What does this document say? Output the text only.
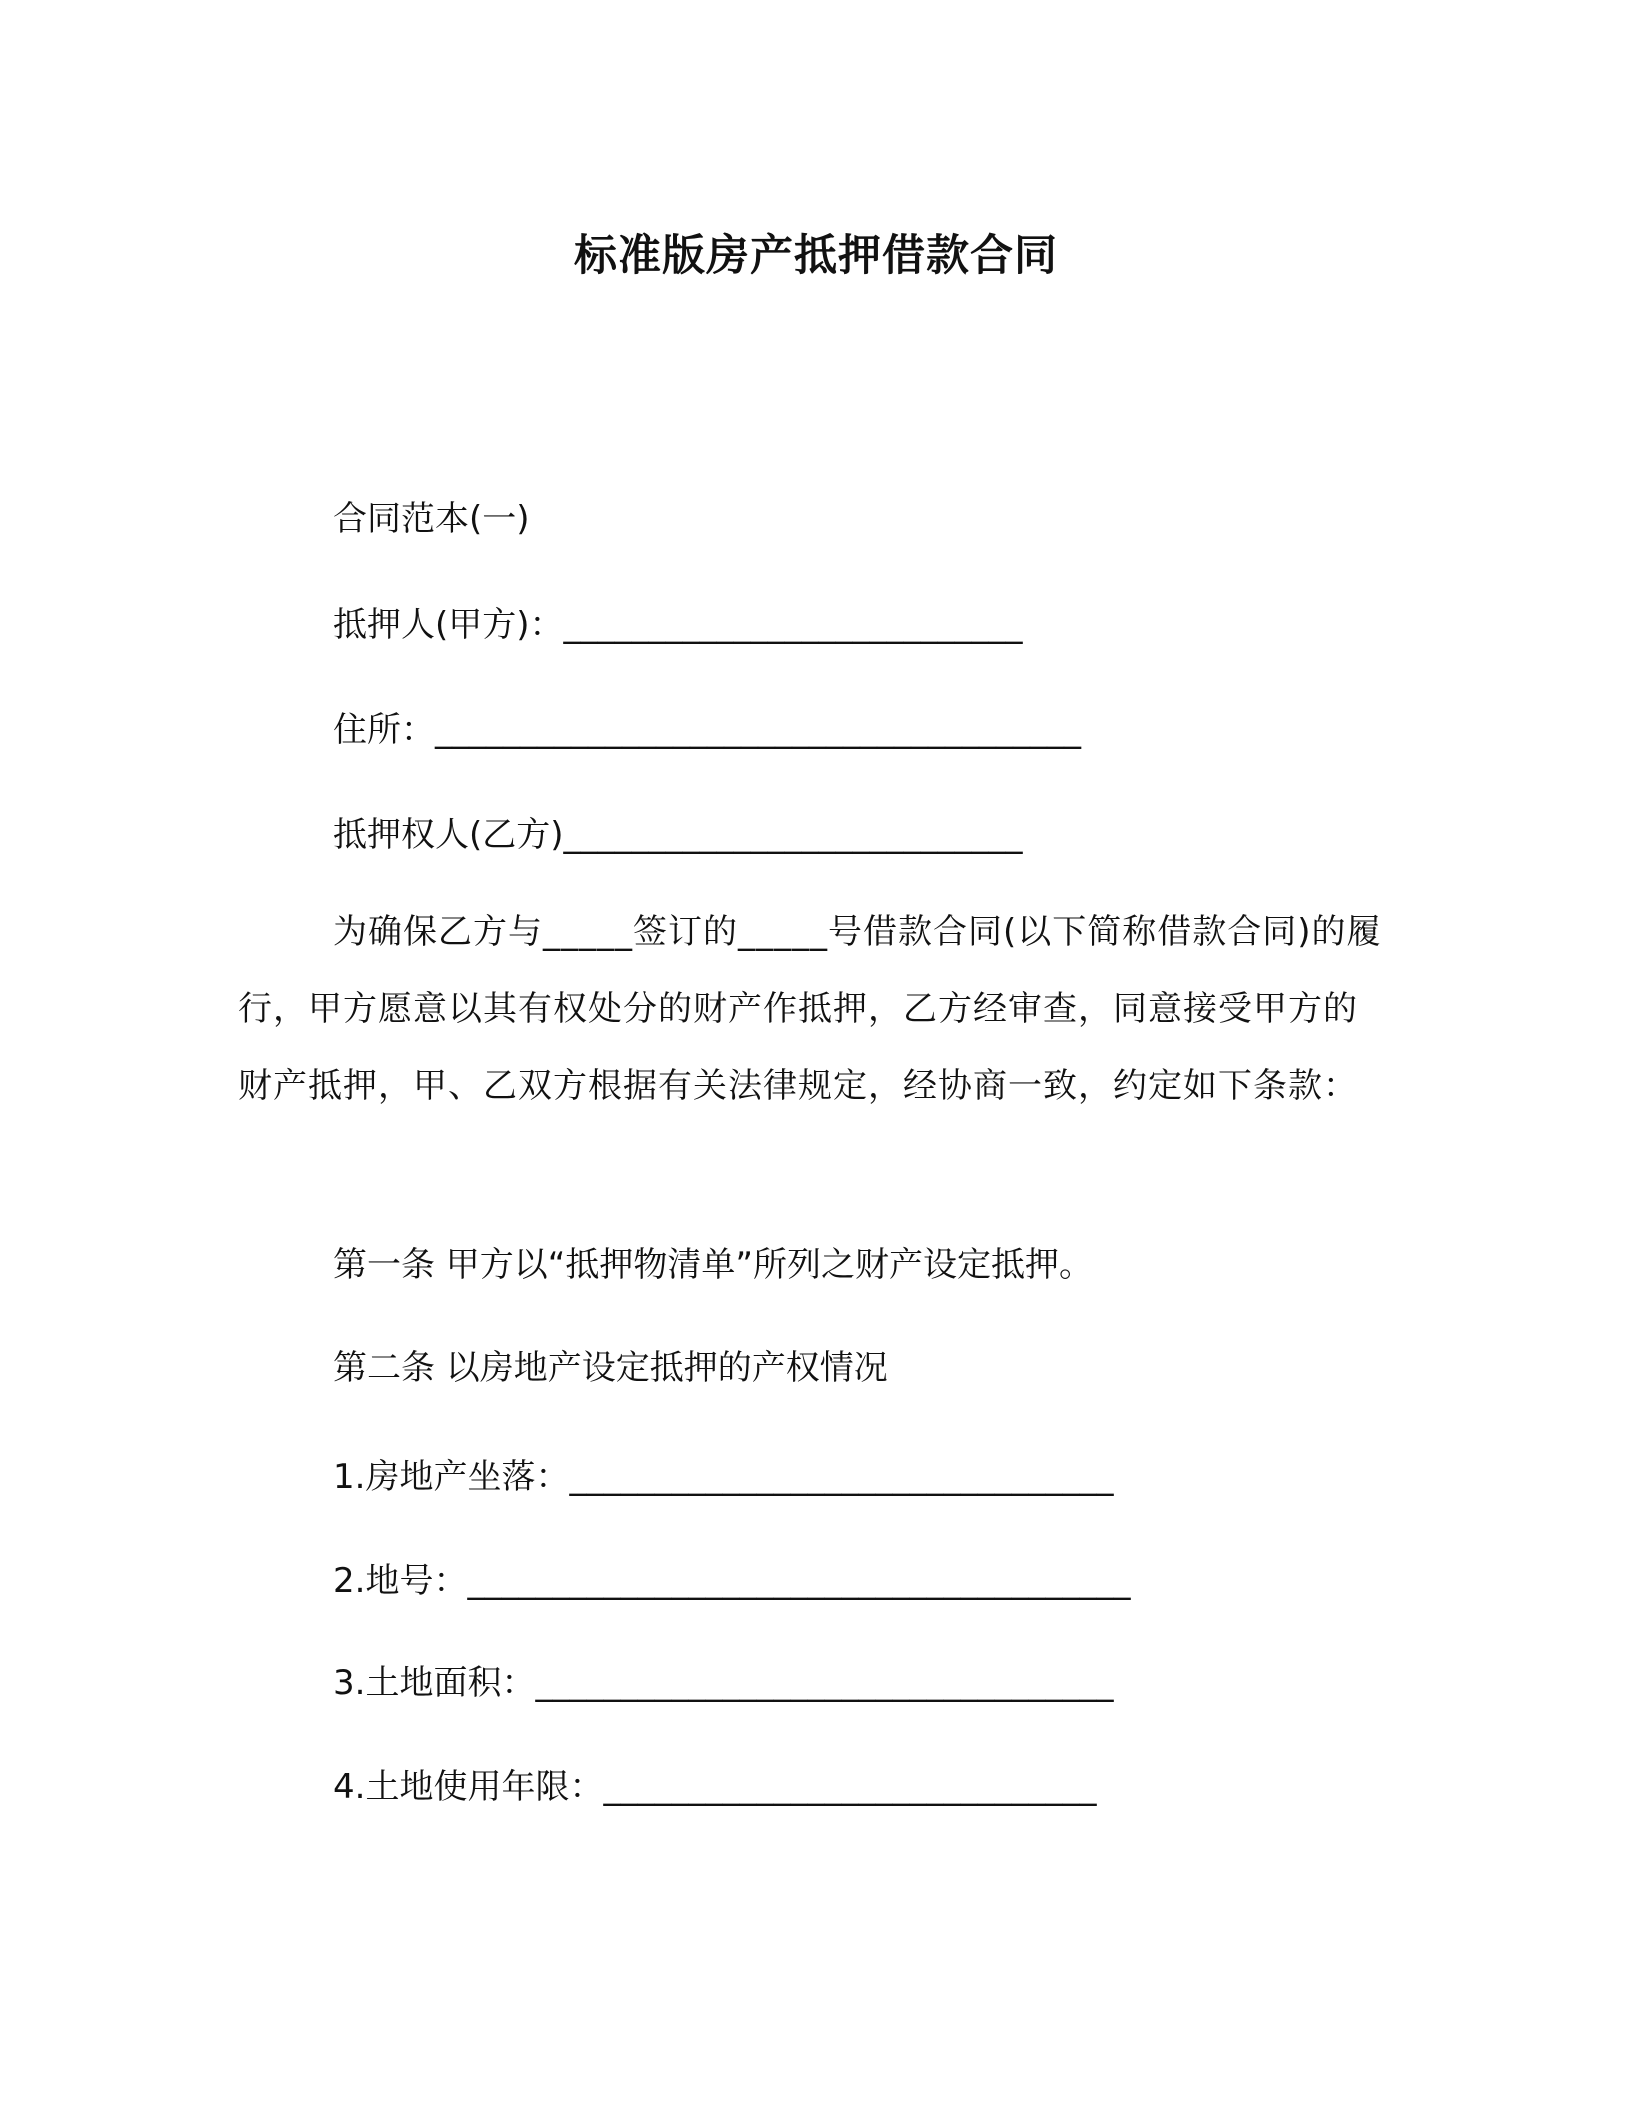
标准版房产抵押借款合同

合同范本(一)

抵押人(甲方)：___________________________

住所：______________________________________

抵押权人(乙方)___________________________

为确保乙方与_____签订的_____号借款合同(以下简称借款合同)的履行，甲方愿意以其有权处分的财产作抵押，乙方经审查，同意接受甲方的财产抵押，甲、乙双方根据有关法律规定，经协商一致，约定如下条款：

第一条 甲方以“抵押物清单”所列之财产设定抵押。

第二条 以房地产设定抵押的产权情况

1.房地产坐落：________________________________

2.地号：_______________________________________

3.土地面积：__________________________________

4.土地使用年限：_____________________________
